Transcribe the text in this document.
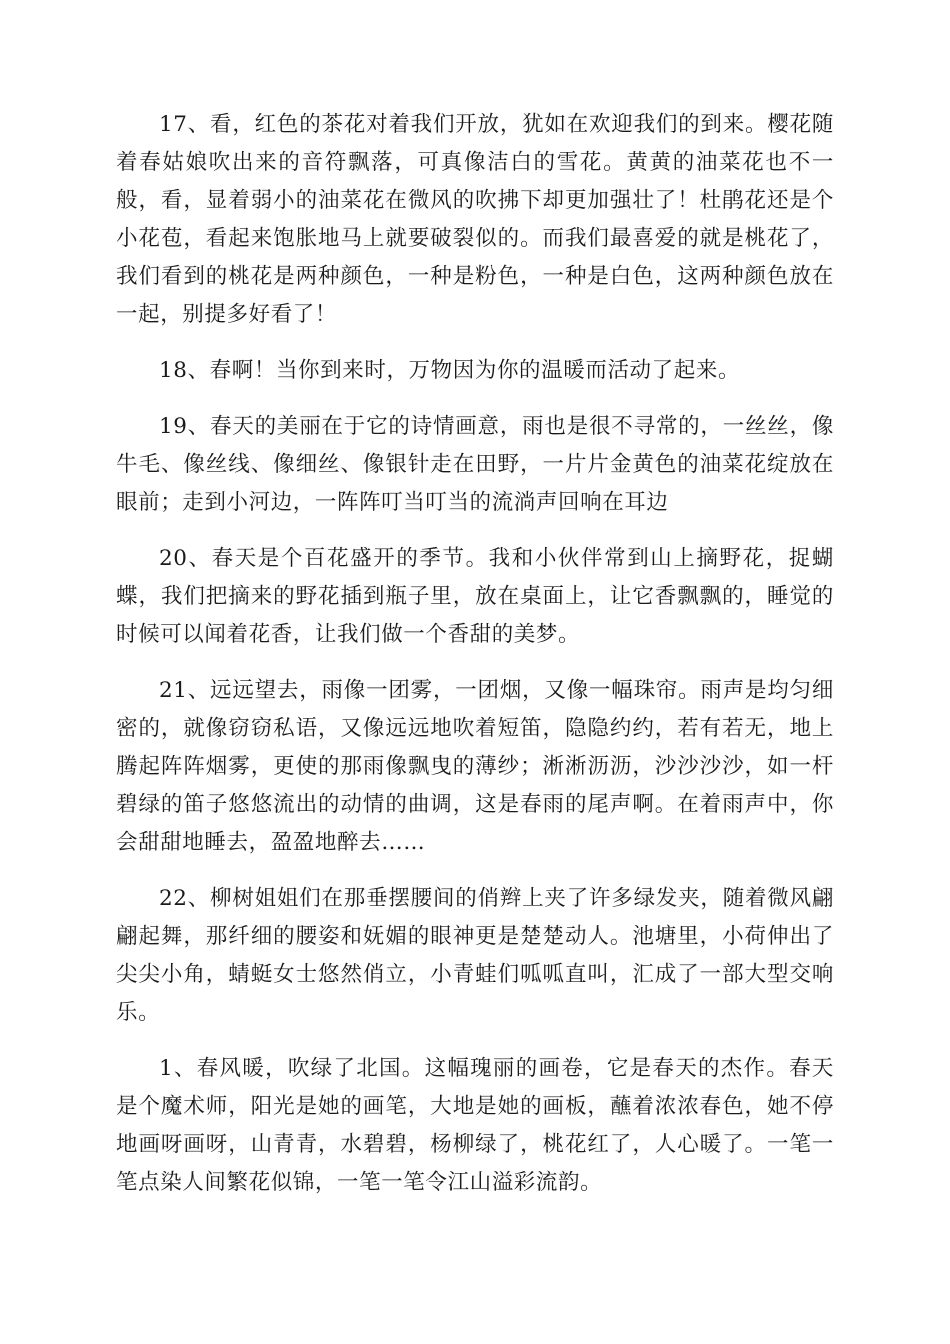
17、看，红色的茶花对着我们开放，犹如在欢迎我们的到来。樱花随着春姑娘吹出来的音符飘落，可真像洁白的雪花。黄黄的油菜花也不一般，看，显着弱小的油菜花在微风的吹拂下却更加强壮了！杜鹃花还是个小花苞，看起来饱胀地马上就要破裂似的。而我们最喜爱的就是桃花了，我们看到的桃花是两种颜色，一种是粉色，一种是白色，这两种颜色放在一起，别提多好看了！

18、春啊！当你到来时，万物因为你的温暖而活动了起来。

19、春天的美丽在于它的诗情画意，雨也是很不寻常的，一丝丝，像牛毛、像丝线、像细丝、像银针走在田野，一片片金黄色的油菜花绽放在眼前；走到小河边，一阵阵叮当叮当的流淌声回响在耳边

20、春天是个百花盛开的季节。我和小伙伴常到山上摘野花，捉蝴蝶，我们把摘来的野花插到瓶子里，放在桌面上，让它香飘飘的，睡觉的时候可以闻着花香，让我们做一个香甜的美梦。

21、远远望去，雨像一团雾，一团烟，又像一幅珠帘。雨声是均匀细密的，就像窃窃私语，又像远远地吹着短笛，隐隐约约，若有若无，地上腾起阵阵烟雾，更使的那雨像飘曳的薄纱；淅淅沥沥，沙沙沙沙，如一杆碧绿的笛子悠悠流出的动情的曲调，这是春雨的尾声啊。在着雨声中，你会甜甜地睡去，盈盈地醉去……

22、柳树姐姐们在那垂摆腰间的俏辫上夹了许多绿发夹，随着微风翩翩起舞，那纤细的腰姿和妩媚的眼神更是楚楚动人。池塘里，小荷伸出了尖尖小角，蜻蜓女士悠然俏立，小青蛙们呱呱直叫，汇成了一部大型交响乐。

1、春风暖，吹绿了北国。这幅瑰丽的画卷，它是春天的杰作。春天是个魔术师，阳光是她的画笔，大地是她的画板，蘸着浓浓春色，她不停地画呀画呀，山青青，水碧碧，杨柳绿了，桃花红了，人心暖了。一笔一笔点染人间繁花似锦，一笔一笔令江山溢彩流韵。
